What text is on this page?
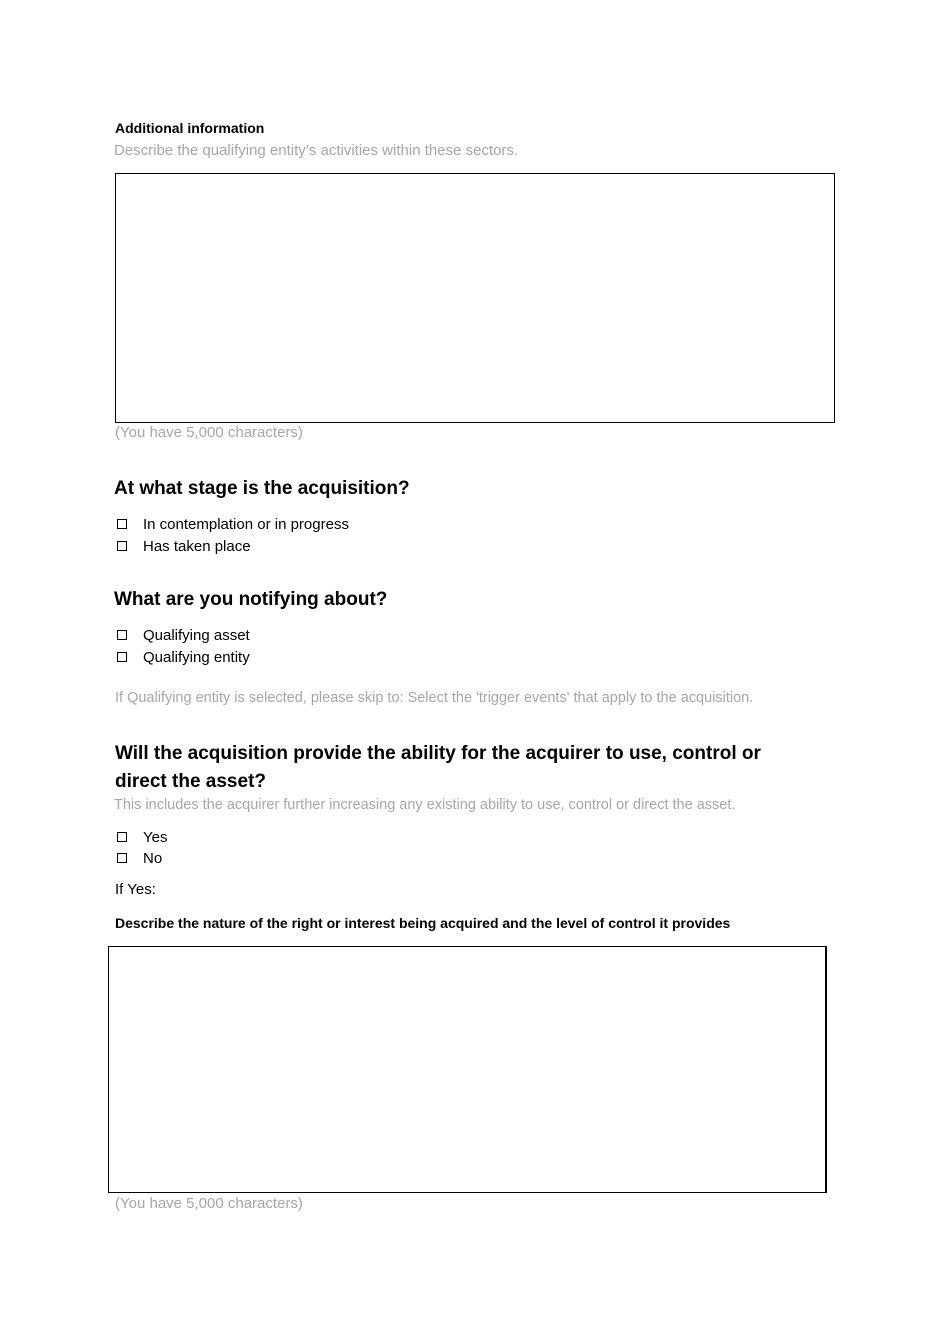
Additional information
Describe the qualifying entity’s activities within these sectors.
(You have 5,000 characters)
At what stage is the acquisition?
In contemplation or in progress
Has taken place
What are you notifying about?
Qualifying asset
Qualifying entity
If Qualifying entity is selected, please skip to: Select the 'trigger events' that apply to the acquisition.
Will the acquisition provide the ability for the acquirer to use, control or
direct the asset?
This includes the acquirer further increasing any existing ability to use, control or direct the asset.
Yes
No
If Yes:
Describe the nature of the right or interest being acquired and the level of control it provides
(You have 5,000 characters)
